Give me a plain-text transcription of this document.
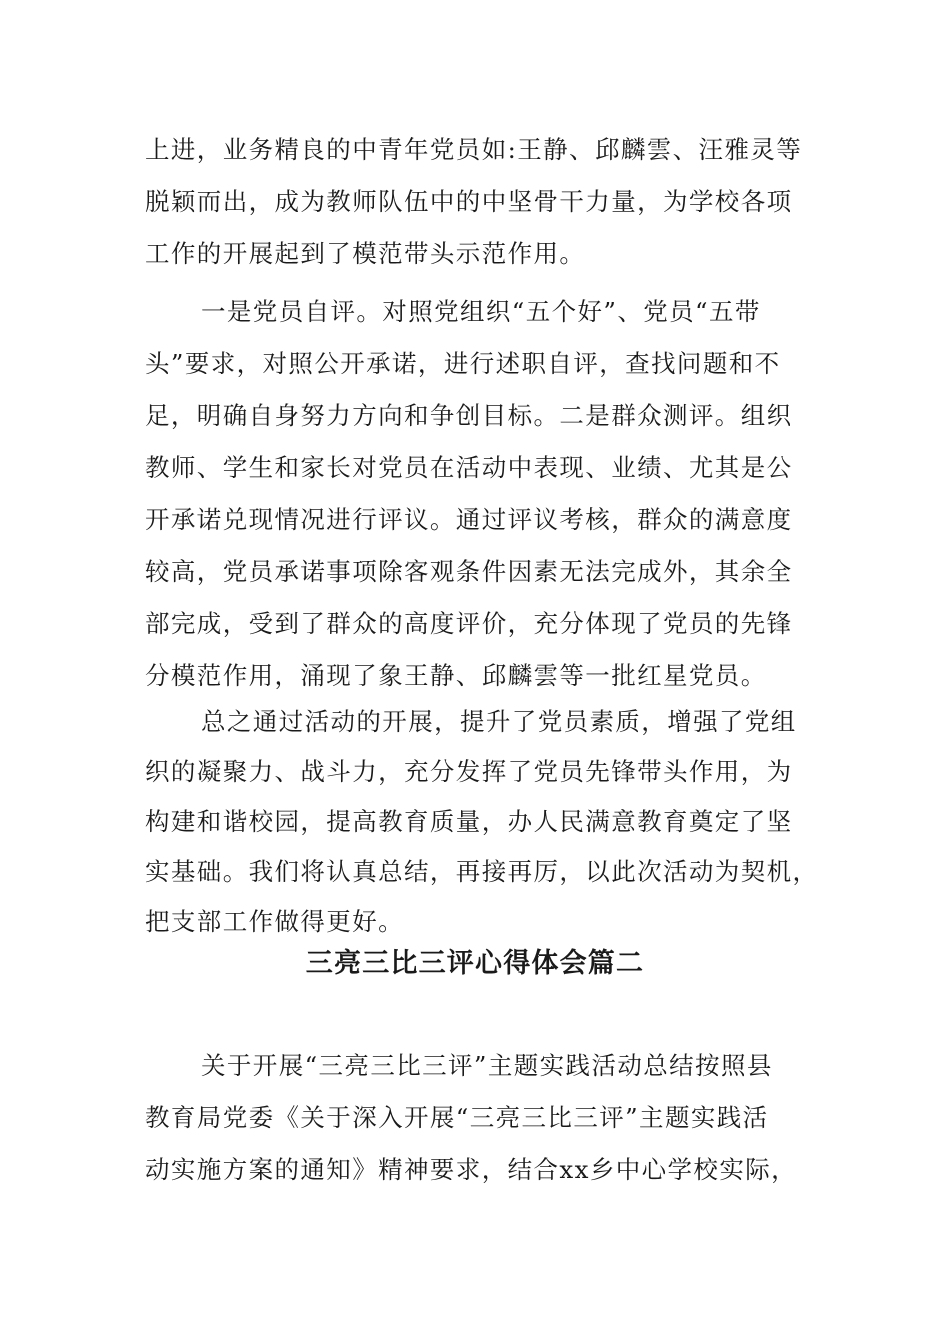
上进，业务精良的中青年党员如:王静、邱麟雲、汪雅灵等
脱颖而出，成为教师队伍中的中坚骨干力量，为学校各项
工作的开展起到了模范带头示范作用。
一是党员自评。对照党组织“五个好”、党员“五带
头”要求，对照公开承诺，进行述职自评，查找问题和不
足，明确自身努力方向和争创目标。二是群众测评。组织
教师、学生和家长对党员在活动中表现、业绩、尤其是公
开承诺兑现情况进行评议。通过评议考核，群众的满意度
较高，党员承诺事项除客观条件因素无法完成外，其余全
部完成，受到了群众的高度评价，充分体现了党员的先锋
分模范作用，涌现了象王静、邱麟雲等一批红星党员。
总之通过活动的开展，提升了党员素质，增强了党组
织的凝聚力、战斗力，充分发挥了党员先锋带头作用，为
构建和谐校园，提高教育质量，办人民满意教育奠定了坚
实基础。我们将认真总结，再接再厉，以此次活动为契机，
把支部工作做得更好。
三亮三比三评心得体会篇二
关于开展“三亮三比三评”主题实践活动总结按照县
教育局党委《关于深入开展“三亮三比三评”主题实践活
动实施方案的通知》精神要求，结合xx乡中心学校实际，
